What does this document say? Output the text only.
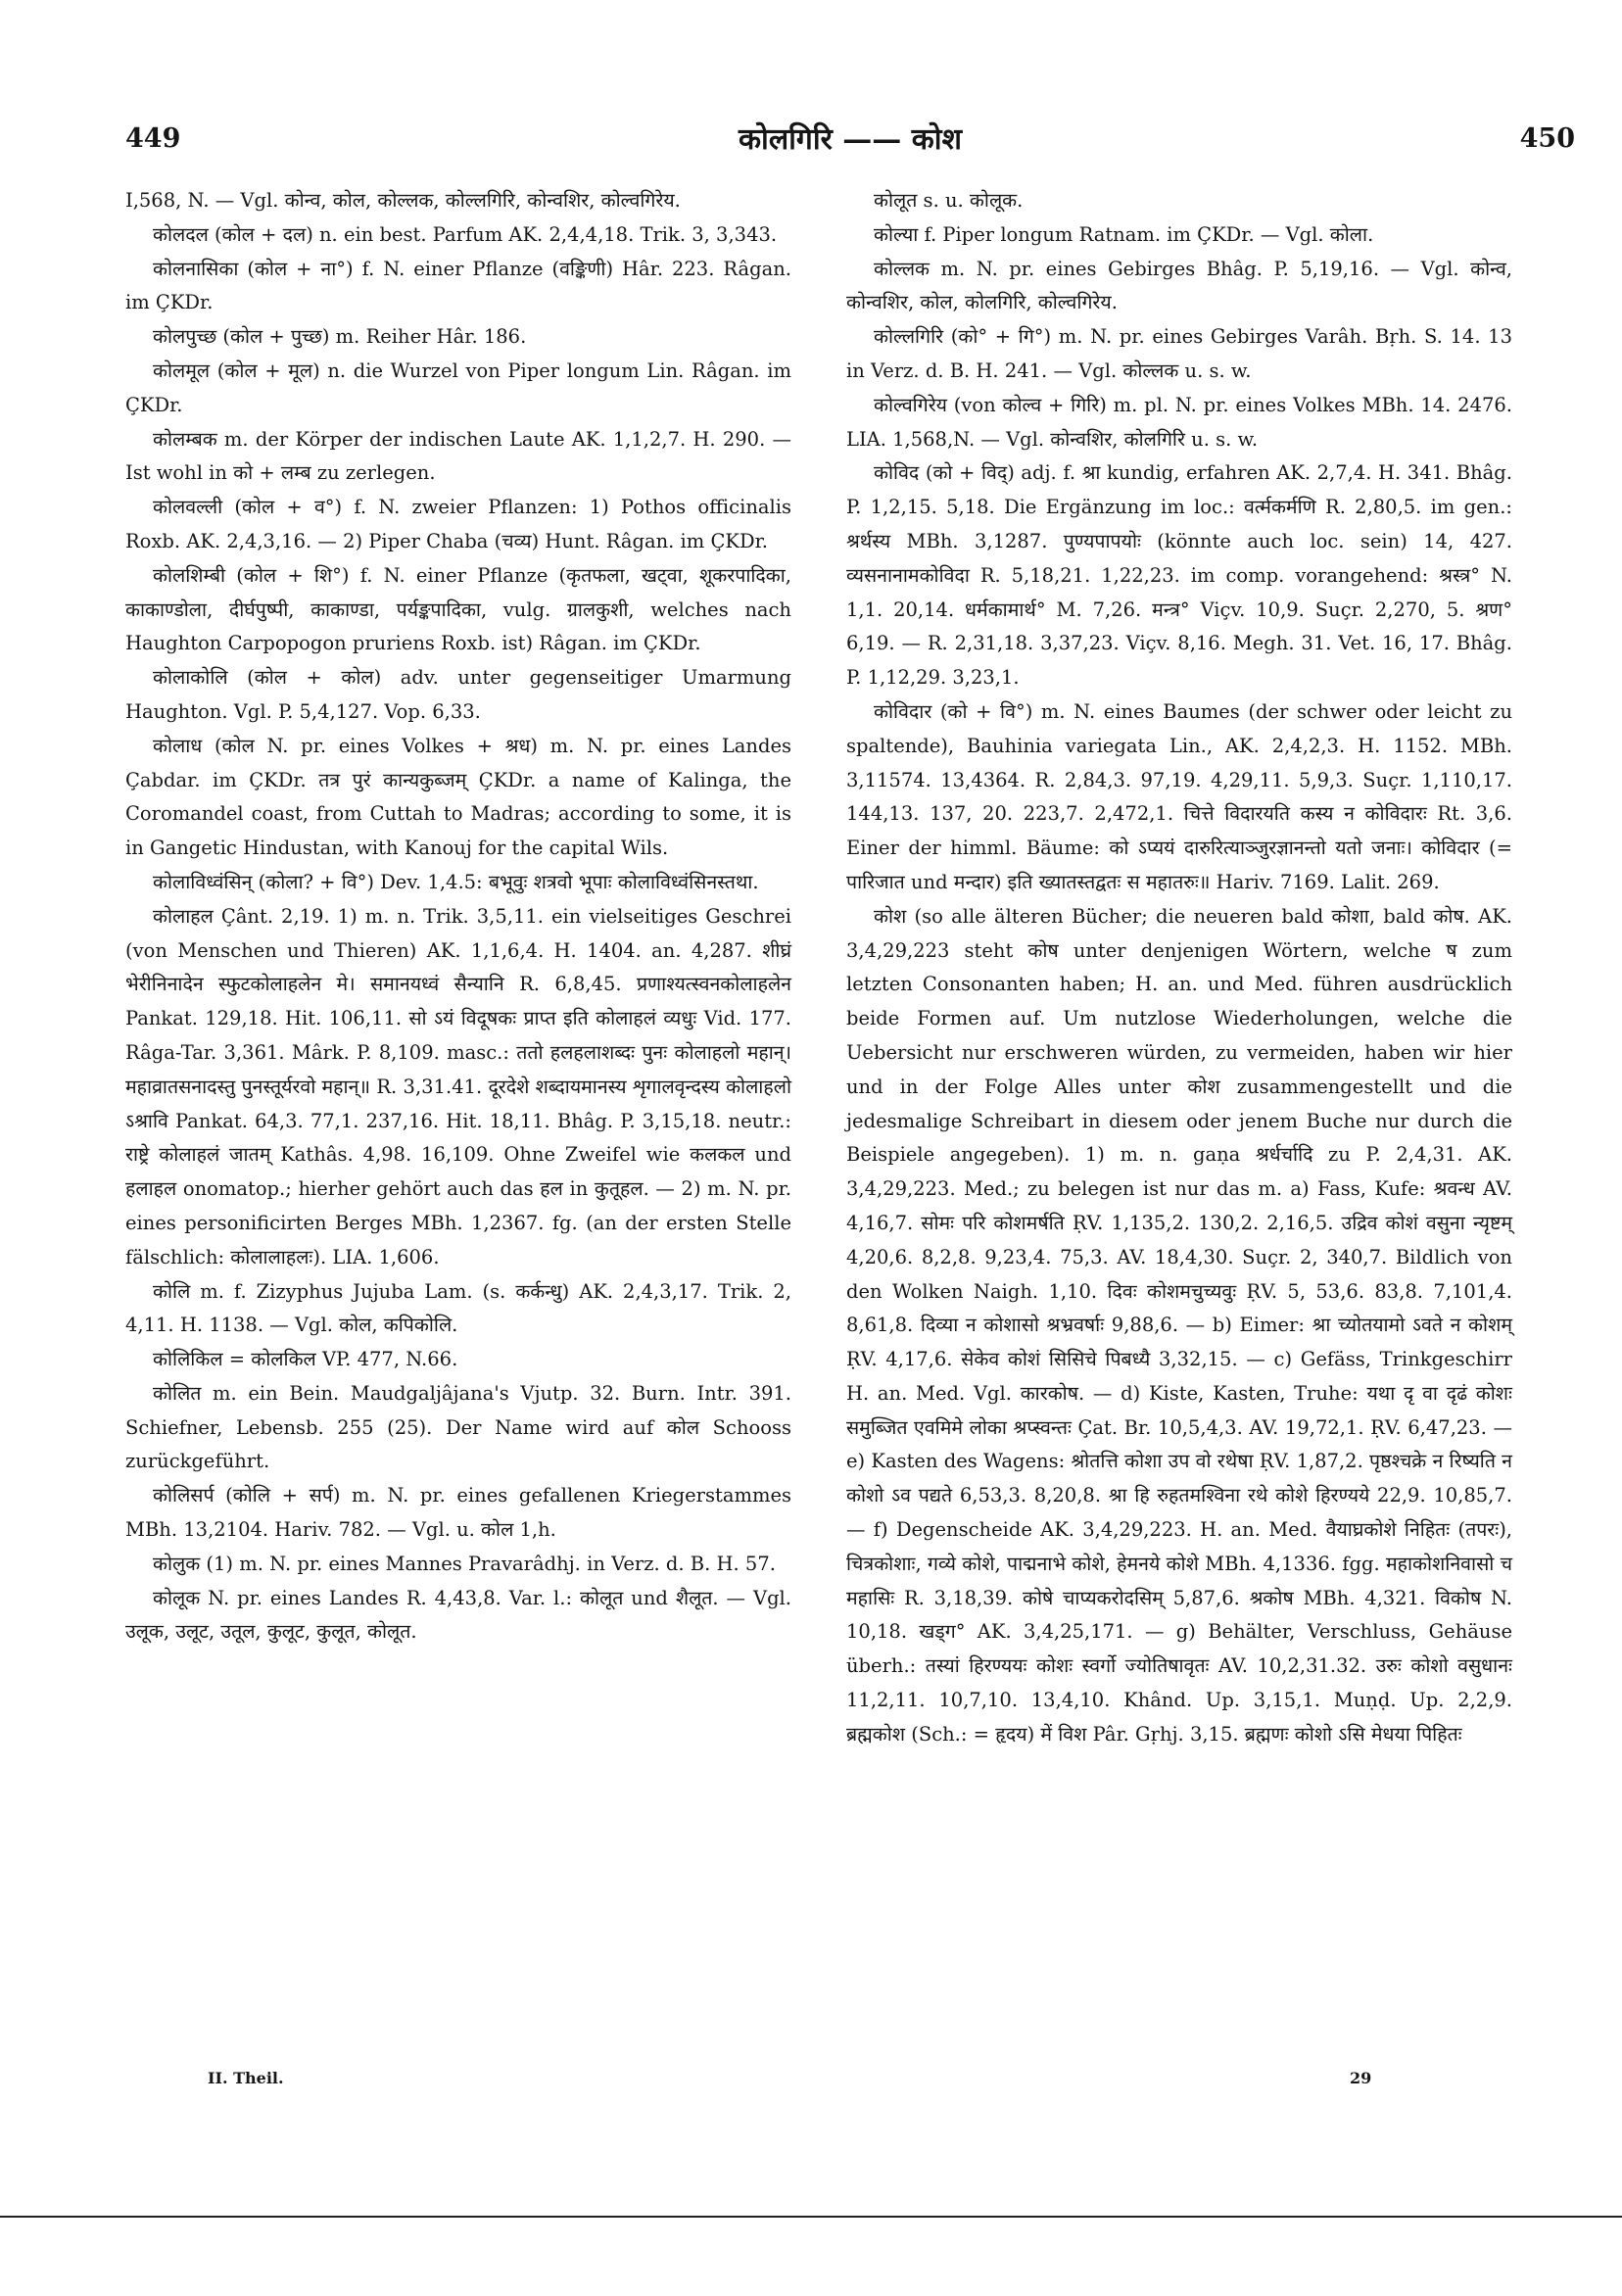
449	कोलगिरि —— कोश	450

I,568, N. — Vgl. कोन्व, कोल, कोल्लक, कोल्लगिरि, कोन्वशिर, कोल्वगिरेय.

कोलदल (कोल + दल) n. ein best. Parfum AK. 2,4,4,18. Trik. 3, 3,343.

कोलनासिका (कोल + ना°) f. N. einer Pflanze (वङ्किणी) Hâr. 223. Râgan. im ÇKDr.

कोलपुच्छ (कोल + पुच्छ) m. Reiher Hâr. 186.

कोलमूल (कोल + मूल) n. die Wurzel von Piper longum Lin. Râgan. im ÇKDr.

कोलम्बक m. der Körper der indischen Laute AK. 1,1,2,7. H. 290. — Ist wohl in को + लम्ब zu zerlegen.

कोलवल्ली (कोल + व°) f. N. zweier Pflanzen: 1) Pothos officinalis Roxb. AK. 2,4,3,16. — 2) Piper Chaba (चव्य) Hunt. Râgan. im ÇKDr.

कोलशिम्बी (कोल + शि°) f. N. einer Pflanze (कृतफला, खट्वा, शूकरपादिका, काकाण्डोला, दीर्घपुष्पी, काकाण्डा, पर्यङ्कपादिका, vulg. ग्रालकुशी, welches nach Haughton Carpopogon pruriens Roxb. ist) Râgan. im ÇKDr.

कोलाकोलि (कोल + कोल) adv. unter gegenseitiger Umarmung Haughton. Vgl. P. 5,4,127. Vop. 6,33.

कोलाध (कोल N. pr. eines Volkes + श्रध) m. N. pr. eines Landes Çabdar. im ÇKDr. तत्र पुरं कान्यकुब्जम् ÇKDr. a name of Kalinga, the Coromandel coast, from Cuttah to Madras; according to some, it is in Gangetic Hindustan, with Kanouj for the capital Wils.

कोलाविध्वंसिन् (कोला? + वि°) Dev. 1,4.5: बभूवुः शत्रवो भूपाः कोलाविध्वंसिनस्तथा.

कोलाहल Çânt. 2,19. 1) m. n. Trik. 3,5,11. ein vielseitiges Geschrei (von Menschen und Thieren) AK. 1,1,6,4. H. 1404. an. 4,287. शीघ्रं भेरीनिनादेन स्फुटकोलाहलेन मे। समानयध्वं सैन्यानि R. 6,8,45. प्रणाश्यत्स्वनकोलाहलेन Pankat. 129,18. Hit. 106,11. सो ऽयं विदूषकः प्राप्त इति कोलाहलं व्यधुः Vid. 177. Râga-Tar. 3,361. Mârk. P. 8,109. masc.: ततो हलहलाशब्दः पुनः कोलाहलो महान्। महाव्रातसनादस्तु पुनस्तूर्यरवो महान्॥ R. 3,31.41. दूरदेशे शब्दायमानस्य शृगालवृन्दस्य कोलाहलो ऽश्रावि Pankat. 64,3. 77,1. 237,16. Hit. 18,11. Bhâg. P. 3,15,18. neutr.: राष्ट्रे कोलाहलं जातम् Kathâs. 4,98. 16,109. Ohne Zweifel wie कलकल und हलाहल onomatop.; hierher gehört auch das हल in कुतूहल. — 2) m. N. pr. eines personificirten Berges MBh. 1,2367. fg. (an der ersten Stelle fälschlich: कोलालाहलः). LIA. 1,606.

कोलि m. f. Zizyphus Jujuba Lam. (s. कर्कन्धु) AK. 2,4,3,17. Trik. 2, 4,11. H. 1138. — Vgl. कोल, कपिकोलि.

कोलिकिल = कोलकिल VP. 477, N.66.

कोलित m. ein Bein. Maudgaljâjana's Vjutp. 32. Burn. Intr. 391. Schiefner, Lebensb. 255 (25). Der Name wird auf कोल Schooss zurückgeführt.

कोलिसर्प (कोलि + सर्प) m. N. pr. eines gefallenen Kriegerstammes MBh. 13,2104. Hariv. 782. — Vgl. u. कोल 1,h.

कोलुक (1) m. N. pr. eines Mannes Pravarâdhj. in Verz. d. B. H. 57.

कोलूक N. pr. eines Landes R. 4,43,8. Var. l.: कोलूत und शैलूत. — Vgl. उलूक, उलूट, उतूल, कुलूट, कुलूत, कोलूत.

कोलूत s. u. कोलूक.

कोल्या f. Piper longum Ratnam. im ÇKDr. — Vgl. कोला.

कोल्लक m. N. pr. eines Gebirges Bhâg. P. 5,19,16. — Vgl. कोन्व, कोन्वशिर, कोल, कोलगिरि, कोल्वगिरेय.

कोल्लगिरि (को° + गि°) m. N. pr. eines Gebirges Varâh. Bṛh. S. 14. 13 in Verz. d. B. H. 241. — Vgl. कोल्लक u. s. w.

कोल्वगिरेय (von कोल्व + गिरि) m. pl. N. pr. eines Volkes MBh. 14. 2476. LIA. 1,568,N. — Vgl. कोन्वशिर, कोलगिरि u. s. w.

कोविद (को + विद्) adj. f. श्रा kundig, erfahren AK. 2,7,4. H. 341. Bhâg. P. 1,2,15. 5,18. Die Ergänzung im loc.: वर्त्मकर्मणि R. 2,80,5. im gen.: श्रर्थस्य MBh. 3,1287. पुण्यपापयोः (könnte auch loc. sein) 14, 427. व्यसनानामकोविदा R. 5,18,21. 1,22,23. im comp. vorangehend: श्रस्त्र° N. 1,1. 20,14. धर्मकामार्थ° M. 7,26. मन्त्र° Viçv. 10,9. Suçr. 2,270, 5. श्रण° 6,19. — R. 2,31,18. 3,37,23. Viçv. 8,16. Megh. 31. Vet. 16, 17. Bhâg. P. 1,12,29. 3,23,1.

कोविदार (को + वि°) m. N. eines Baumes (der schwer oder leicht zu spaltende), Bauhinia variegata Lin., AK. 2,4,2,3. H. 1152. MBh. 3,11574. 13,4364. R. 2,84,3. 97,19. 4,29,11. 5,9,3. Suçr. 1,110,17. 144,13. 137, 20. 223,7. 2,472,1. चित्ते विदारयति कस्य न कोविदारः Rt. 3,6. Einer der himml. Bäume: को ऽप्ययं दारुरित्याञ्जुरज्ञानन्तो यतो जनाः। कोविदार (= पारिजात und मन्दार) इति ख्यातस्तद्वतः स महातरुः॥ Hariv. 7169. Lalit. 269.

कोश (so alle älteren Bücher; die neueren bald कोशा, bald कोष. AK. 3,4,29,223 steht कोष unter denjenigen Wörtern, welche ष zum letzten Consonanten haben; H. an. und Med. führen ausdrücklich beide Formen auf. Um nutzlose Wiederholungen, welche die Uebersicht nur erschweren würden, zu vermeiden, haben wir hier und in der Folge Alles unter कोश zusammengestellt und die jedesmalige Schreibart in diesem oder jenem Buche nur durch die Beispiele angegeben). 1) m. n. gaṇa श्रर्धर्चादि zu P. 2,4,31. AK. 3,4,29,223. Med.; zu belegen ist nur das m. a) Fass, Kufe: श्रवन्ध AV. 4,16,7. सोमः परि कोशमर्षति ṚV. 1,135,2. 130,2. 2,16,5. उद्रिव कोशं वसुना न्यृष्टम् 4,20,6. 8,2,8. 9,23,4. 75,3. AV. 18,4,30. Suçr. 2, 340,7. Bildlich von den Wolken Naigh. 1,10. दिवः कोशमचुच्यवुः ṚV. 5, 53,6. 83,8. 7,101,4. 8,61,8. दिव्या न कोशासो श्रभ्रवर्षाः 9,88,6. — b) Eimer: श्रा च्योतयामो ऽवते न कोशम् ṚV. 4,17,6. सेकेव कोशं सिसिचे पिबध्यै 3,32,15. — c) Gefäss, Trinkgeschirr H. an. Med. Vgl. कारकोष. — d) Kiste, Kasten, Truhe: यथा दृ वा दृढं कोशः समुब्जित एवमिमे लोका श्रप्स्वन्तः Çat. Br. 10,5,4,3. AV. 19,72,1. ṚV. 6,47,23. — e) Kasten des Wagens: श्रोतत्ति कोशा उप वो रथेषा ṚV. 1,87,2. पृष्ठश्चक्रे न रिष्यति न कोशो ऽव पद्यते 6,53,3. 8,20,8. श्रा हि रुहतमश्विना रथे कोशे हिरण्यये 22,9. 10,85,7. — f) Degenscheide AK. 3,4,29,223. H. an. Med. वैयाघ्रकोशे निहितः (तपरः), चित्रकोशाः, गव्ये कोशे, पाद्मनाभे कोशे, हेमनये कोशे MBh. 4,1336. fgg. महाकोशनिवासो च महासिः R. 3,18,39. कोषे चाप्यकरोदसिम् 5,87,6. श्रकोष MBh. 4,321. विकोष N. 10,18. खड्ग° AK. 3,4,25,171. — g) Behälter, Verschluss, Gehäuse überh.: तस्यां हिरण्ययः कोशः स्वर्गो ज्योतिषावृतः AV. 10,2,31.32. उरुः कोशो वसुधानः 11,2,11. 10,7,10. 13,4,10. Khând. Up. 3,15,1. Muṇḍ. Up. 2,2,9. ब्रह्मकोश (Sch.: = हृदय) में विश Pâr. Gṛhj. 3,15. ब्रह्मणः कोशो ऽसि मेधया पिहितः

II. Theil.	29
